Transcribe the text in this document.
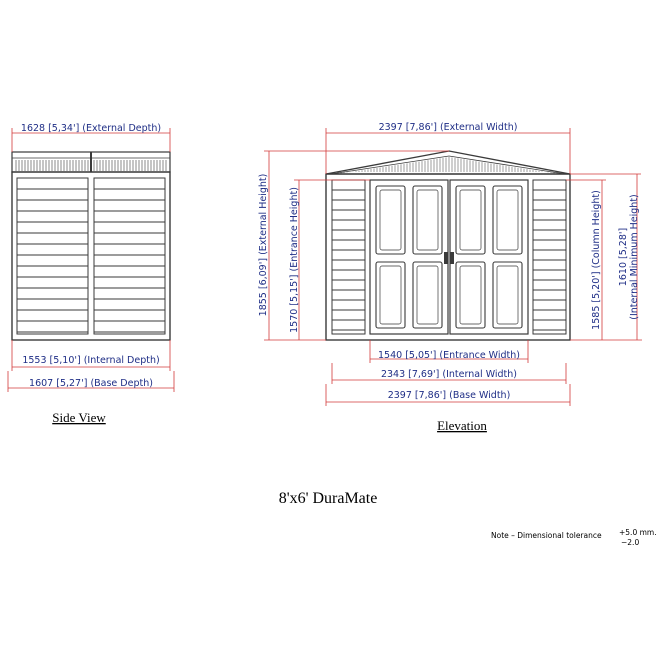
1628 [5,34'] (External Depth)
1553 [5,10'] (Internal Depth)
1607 [5,27'] (Base Depth)
Side View
2397 [7,86'] (External Width)
1540 [5,05'] (Entrance Width)
2343 [7,69'] (Internal Width)
2397 [7,86'] (Base Width)
1855 [6,09'] (External Height) 1570 [5,15'] (Entrance Height)	1585 [5,20'] (Column Height) 1610 [5,28'] (Internal Minimum Height)
Elevation
8'x6' DuraMate
Note – Dimensional tolerance +5.0 mm.
−2.0
